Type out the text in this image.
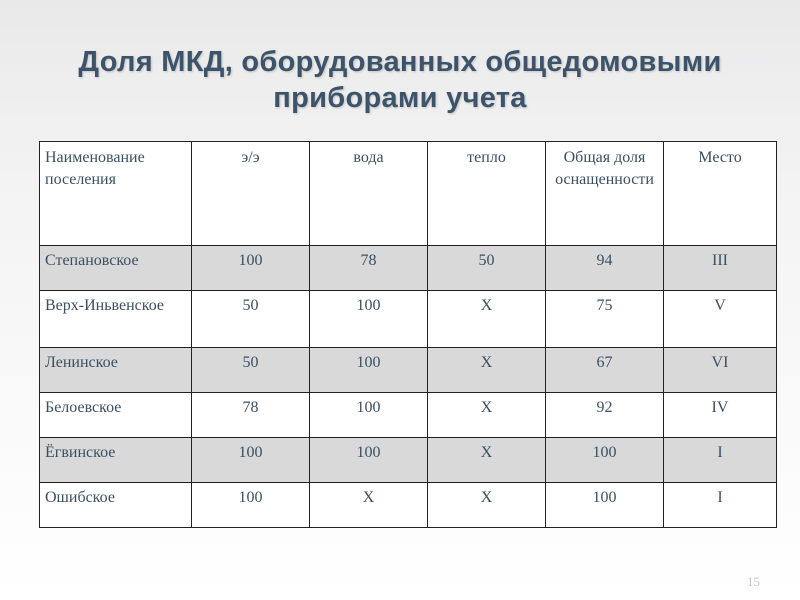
Доля МКД, оборудованных общедомовыми
приборами учета
Наименование поселения	э/э	вода	тепло	Общая доля оснащенности	Место
Степановское	100	78	50	94	III
Верх-Иньвенское	50	100	Х	75	V
Ленинское	50	100	Х	67	VI
Белоевское	78	100	Х	92	IV
Ёгвинское	100	100	Х	100	I
Ошибское	100	Х	Х	100	I
15
